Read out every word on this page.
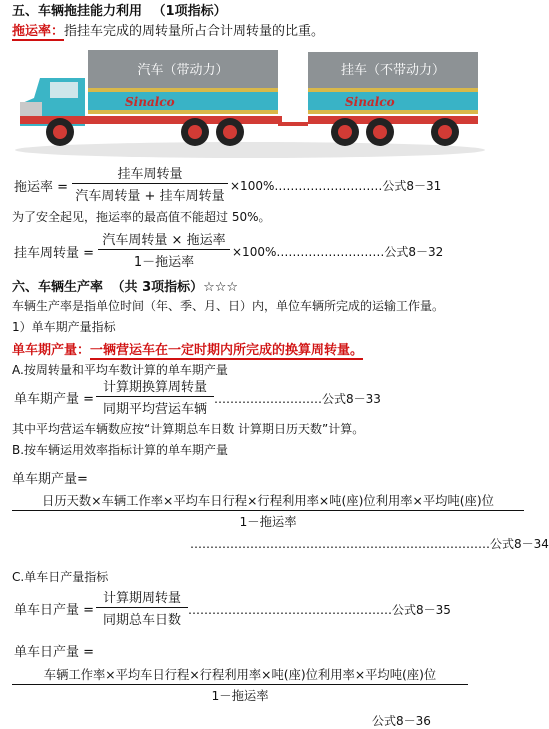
五、车辆拖挂能力利用 （1项指标）
拖运率：指挂车完成的周转量所占合计周转量的比重。
Sinalco	Sinalco
汽车（带动力）	挂车（不带动力）
拖运率 =
挂车周转量
汽车周转量 + 挂车周转量
×100%………………………公式8－31
为了安全起见，拖运率的最高值不能超过 50%。
挂车周转量 =
汽车周转量 × 拖运率
1－拖运率
×100%………………………公式8－32
六、车辆生产率 （共 3项指标）☆☆☆
车辆生产率是指单位时间（年、季、月、日）内，单位车辆所完成的运输工作量。
1）单车期产量指标
单车期产量：一辆营运车在一定时期内所完成的换算周转量。
A.按周转量和平均车数计算的单车期产量
单车期产量 =
计算期换算周转量
同期平均营运车辆
………………………公式8－33
其中平均营运车辆数应按“计算期总车日数 计算期日历天数”计算。
B.按车辆运用效率指标计算的单车期产量
单车期产量=
日历天数×车辆工作率×平均车日行程×行程利用率×吨(座)位利用率×平均吨(座)位
1－拖运率
…………………………………………………………………公式8－34
C.单车日产量指标
单车日产量 =
计算期周转量
同期总车日数
……………………………………………公式8－35
单车日产量 =
车辆工作率×平均车日行程×行程利用率×吨(座)位利用率×平均吨(座)位
1－拖运率
公式8－36
